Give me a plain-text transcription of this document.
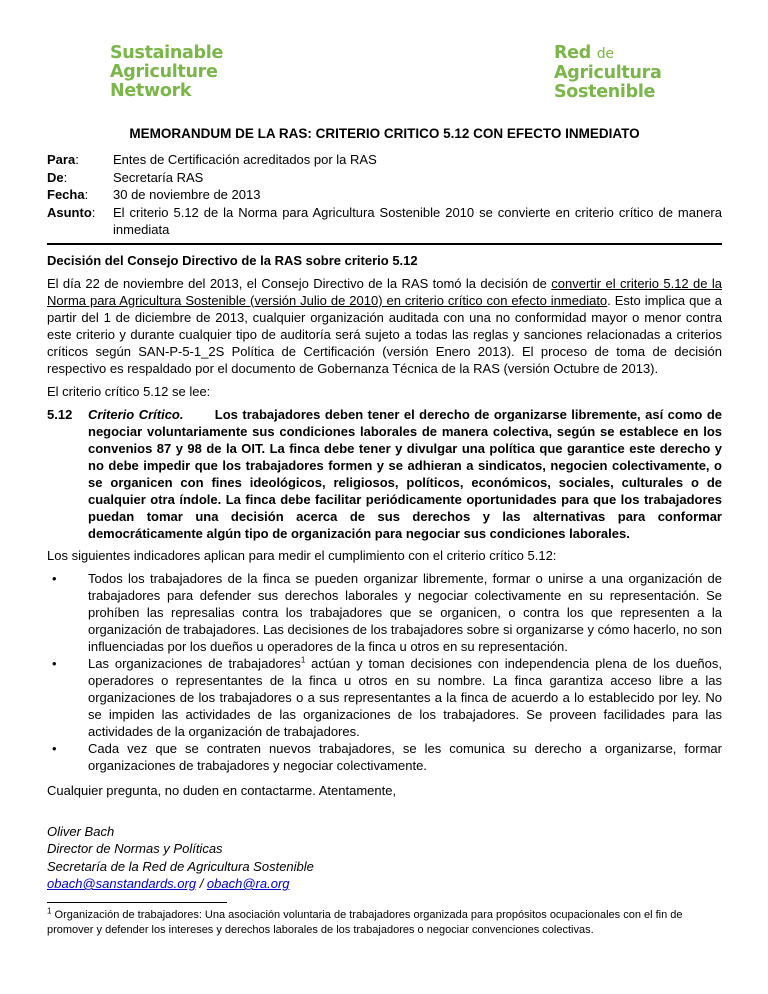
Sustainable
Agriculture
Network
Red de
Agricultura
Sostenible
MEMORANDUM DE LA RAS: CRITERIO CRITICO 5.12 CON EFECTO INMEDIATO
Para:	Entes de Certificación acreditados por la RAS
De:	Secretaría RAS
Fecha:	30 de noviembre de 2013
Asunto:	El criterio 5.12 de la Norma para Agricultura Sostenible 2010 se convierte en criterio crítico de manera inmediata
Decisión del Consejo Directivo de la RAS sobre criterio 5.12

El día 22 de noviembre del 2013, el Consejo Directivo de la RAS tomó la decisión de convertir el criterio 5.12 de la Norma para Agricultura Sostenible (versión Julio de 2010) en criterio crítico con efecto inmediato. Esto implica que a partir del 1 de diciembre de 2013, cualquier organización auditada con una no conformidad mayor o menor contra este criterio y durante cualquier tipo de auditoría será sujeto a todas las reglas y sanciones relacionadas a criterios críticos según SAN-P-5-1_2S Política de Certificación (versión Enero 2013). El proceso de toma de decisión respectivo es respaldado por el documento de Gobernanza Técnica de la RAS (versión Octubre de 2013).

El criterio crítico 5.12 se lee:

5.12	Criterio Crítico. Los trabajadores deben tener el derecho de organizarse libremente, así como de negociar voluntariamente sus condiciones laborales de manera colectiva, según se establece en los convenios 87 y 98 de la OIT. La finca debe tener y divulgar una política que garantice este derecho y no debe impedir que los trabajadores formen y se adhieran a sindicatos, negocien colectivamente, o se organicen con fines ideológicos, religiosos, políticos, económicos, sociales, culturales o de cualquier otra índole. La finca debe facilitar periódicamente oportunidades para que los trabajadores puedan tomar una decisión acerca de sus derechos y las alternativas para conformar democráticamente algún tipo de organización para negociar sus condiciones laborales.

Los siguientes indicadores aplican para medir el cumplimiento con el criterio crítico 5.12:

• Todos los trabajadores de la finca se pueden organizar libremente, formar o unirse a una organización de trabajadores para defender sus derechos laborales y negociar colectivamente en su representación. Se prohíben las represalias contra los trabajadores que se organicen, o contra los que representen a la organización de trabajadores. Las decisiones de los trabajadores sobre si organizarse y cómo hacerlo, no son influenciadas por los dueños u operadores de la finca u otros en su representación.
• Las organizaciones de trabajadores$^1$ actúan y toman decisiones con independencia plena de los dueños, operadores o representantes de la finca u otros en su nombre. La finca garantiza acceso libre a las organizaciones de los trabajadores o a sus representantes a la finca de acuerdo a lo establecido por ley. No se impiden las actividades de las organizaciones de los trabajadores. Se proveen facilidades para las actividades de la organización de trabajadores.
• Cada vez que se contraten nuevos trabajadores, se les comunica su derecho a organizarse, formar organizaciones de trabajadores y negociar colectivamente.

Cualquier pregunta, no duden en contactarme. Atentamente,

Oliver Bach
Director de Normas y Políticas
Secretaría de la Red de Agricultura Sostenible
obach@sanstandards.org / obach@ra.org
$^1$ Organización de trabajadores: Una asociación voluntaria de trabajadores organizada para propósitos ocupacionales con el fin de promover y defender los intereses y derechos laborales de los trabajadores o negociar convenciones colectivas.
